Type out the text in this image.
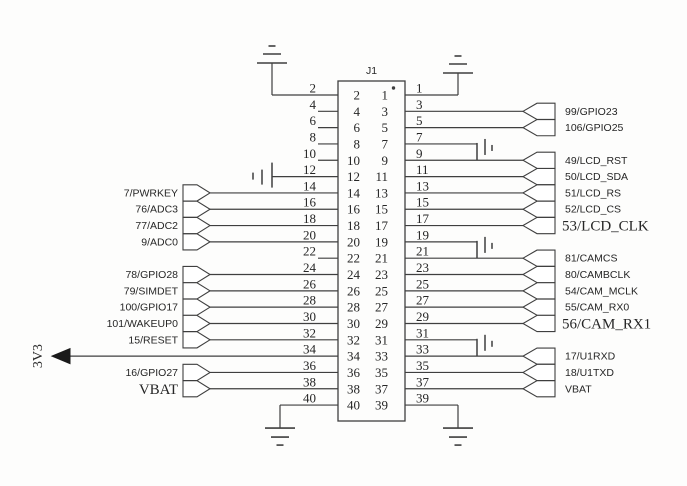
J1
2
2
4
4
6
6
8
8
10
10
12
12
14
14
7/PWRKEY
16
16
76/ADC3
18
18
77/ADC2
20
20
9/ADC0
22
22
24
24
78/GPIO28
26
26
79/SIMDET
28
28
100/GPIO17
30
30
101/WAKEUP0
32
32
15/RESET
34
34
3V3
36
36
16/GPIO27
38
38
VBAT
40
40
1 1
3 3	99/GPIO23
5 5	106/GPIO25
7 7
9 9	49/LCD_RST
11 11	50/LCD_SDA
13 13	51/LCD_RS
15 15	52/LCD_CS
17 17	53/LCD_CLK
19 19
21 21	81/CAMCS
23 23	80/CAMBCLK
25 25	54/CAM_MCLK
27 27	55/CAM_RX0
29 29	56/CAM_RX1
31 31
33 33	17/U1RXD
35 35	18/U1TXD
37 37	VBAT
39 39
